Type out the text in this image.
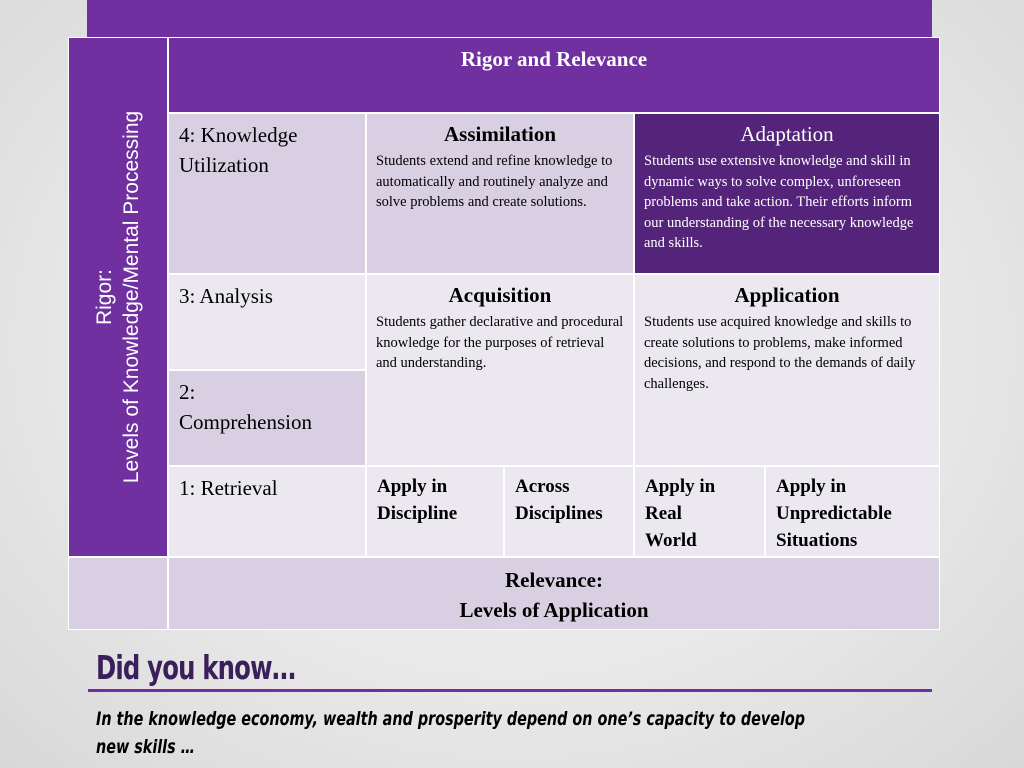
Rigor: Levels of Knowledge/Mental Processing
Rigor and Relevance
4: Knowledge
Utilization
Assimilation
Students extend and refine knowledge to automatically and routinely analyze and solve problems and create solutions.
Adaptation
Students use extensive knowledge and skill in dynamic ways to solve complex, unforeseen problems and take action. Their efforts inform our understanding of the necessary knowledge and skills.
3: Analysis
2:
Comprehension
Acquisition
Students gather declarative and procedural knowledge for the purposes of retrieval and understanding.
Application
Students use acquired knowledge and skills to create solutions to problems, make informed decisions, and respond to the demands of daily challenges.
1: Retrieval	Apply in
Discipline
Across
Disciplines
Apply in
Real
World
Apply in
Unpredictable
Situations
Relevance:
Levels of Application
Did you know…
In the knowledge economy, wealth and prosperity depend on one’s capacity to develop
new skills …
